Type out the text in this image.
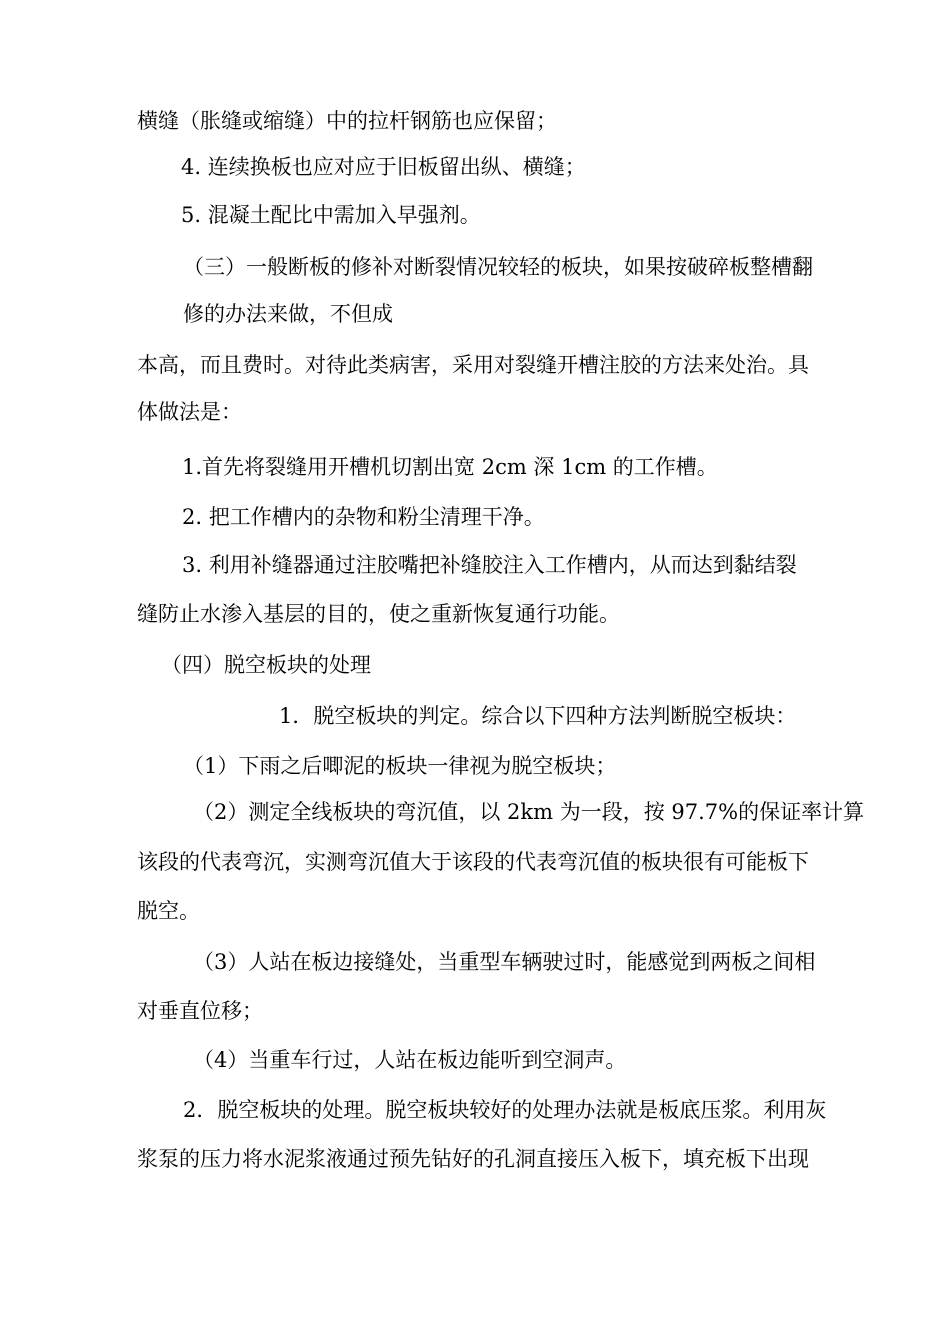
横缝（胀缝或缩缝）中的拉杆钢筋也应保留；
4. 连续换板也应对应于旧板留出纵、横缝；
5. 混凝土配比中需加入早强剂。
（三）一般断板的修补对断裂情况较轻的板块，如果按破碎板整槽翻
修的办法来做，不但成
本高，而且费时。对待此类病害，采用对裂缝开槽注胶的方法来处治。具
体做法是：
1.首先将裂缝用开槽机切割出宽 2cm 深 1cm 的工作槽。
2. 把工作槽内的杂物和粉尘清理干净。
3. 利用补缝器通过注胶嘴把补缝胶注入工作槽内，从而达到黏结裂
缝防止水渗入基层的目的，使之重新恢复通行功能。
（四）脱空板块的处理
1．脱空板块的判定。综合以下四种方法判断脱空板块：
（1）下雨之后唧泥的板块一律视为脱空板块；
（2）测定全线板块的弯沉值，以 2km 为一段，按 97.7%的保证率计算
该段的代表弯沉，实测弯沉值大于该段的代表弯沉值的板块很有可能板下
脱空。
（3）人站在板边接缝处，当重型车辆驶过时，能感觉到两板之间相
对垂直位移；
（4）当重车行过，人站在板边能听到空洞声。
2．脱空板块的处理。脱空板块较好的处理办法就是板底压浆。利用灰
浆泵的压力将水泥浆液通过预先钻好的孔洞直接压入板下，填充板下出现
